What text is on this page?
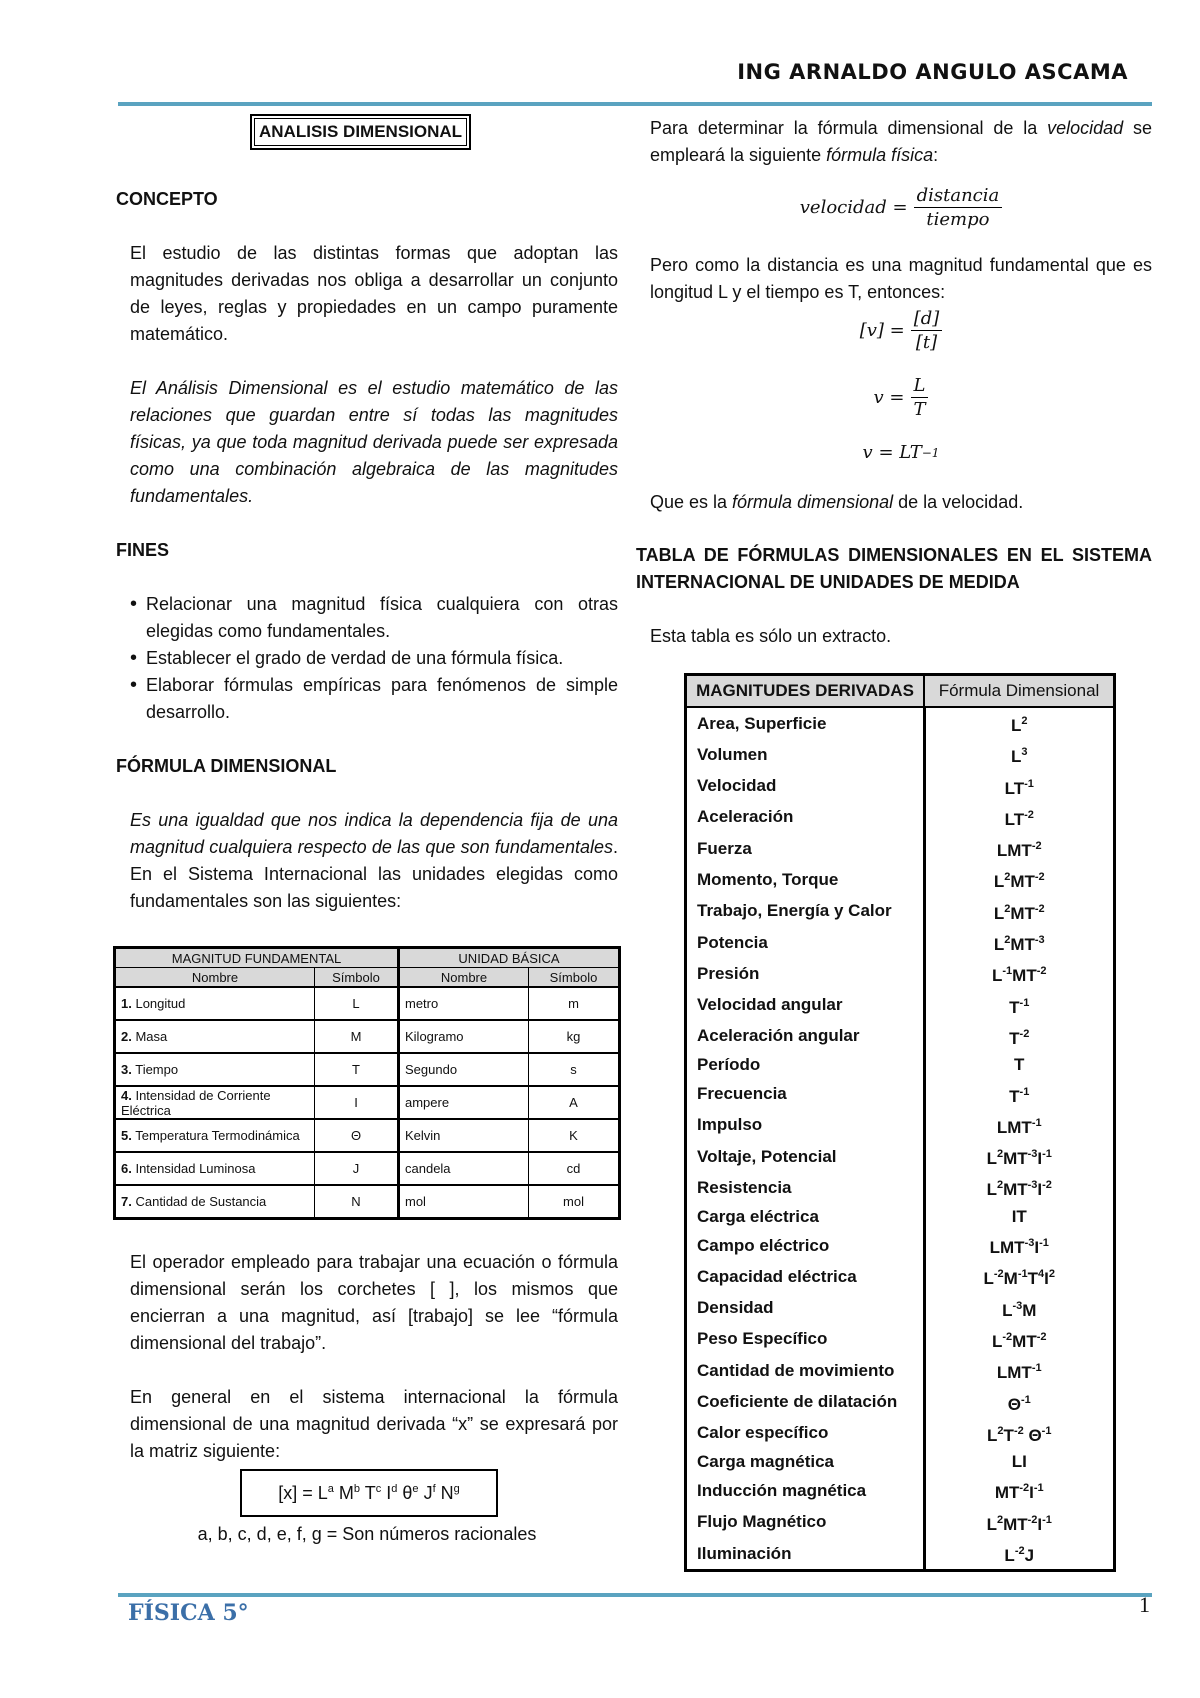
ING ARNALDO ANGULO ASCAMA
ANALISIS DIMENSIONAL
CONCEPTO

El estudio de las distintas formas que adoptan las magnitudes derivadas nos obliga a desarrollar un conjunto de leyes, reglas y propiedades en un campo puramente matemático.

El Análisis Dimensional es el estudio matemático de las relaciones que guardan entre sí todas las magnitudes físicas, ya que toda magnitud derivada puede ser expresada como una combinación algebraica de las magnitudes fundamentales.

FINES
• Relacionar una magnitud física cualquiera con otras elegidas como fundamentales.
• Establecer el grado de verdad de una fórmula física.
• Elaborar fórmulas empíricas para fenómenos de simple desarrollo.
FÓRMULA DIMENSIONAL

Es una igualdad que nos indica la dependencia fija de una magnitud cualquiera respecto de las que son fundamentales. En el Sistema Internacional las unidades elegidas como fundamentales son las siguientes:

MAGNITUD FUNDAMENTAL		UNIDAD BÁSICA	
Nombre	Símbolo	Nombre	Símbolo
1. Longitud	L	metro	m
2. Masa	M	Kilogramo	kg
3. Tiempo	T	Segundo	s
4. Intensidad de Corriente Eléctrica	I	ampere	A
5. Temperatura Termodinámica	Θ	Kelvin	K
6. Intensidad Luminosa	J	candela	cd
7. Cantidad de Sustancia	N	mol	mol

El operador empleado para trabajar una ecuación o fórmula dimensional serán los corchetes [ ], los mismos que encierran a una magnitud, así [trabajo] se lee “fórmula dimensional del trabajo”.

En general en el sistema internacional la fórmula dimensional de una magnitud derivada “x” se expresará por la matriz siguiente:

[x] =
$L^a$ $M^b$ $T^c$ $I^d$ $\theta^e$ $J^f$ $N^g$
a, b, c, d, e, f, g = Son números racionales

Para determinar la fórmula dimensional de la velocidad se empleará la siguiente fórmula física:

velocidad = $\frac{\text{distancia}}{\text{tiempo}}$

Pero como la distancia es una magnitud fundamental que es longitud L y el tiempo es T, entonces:

$[v] = \frac{[d]}{[t]}$
$v = \frac{L}{T}$
v = LT −1

Que es la fórmula dimensional de la velocidad.

TABLA DE FÓRMULAS DIMENSIONALES EN EL SISTEMA INTERNACIONAL DE UNIDADES DE MEDIDA

Esta tabla es sólo un extracto.

MAGNITUDES DERIVADAS	Fórmula Dimensional
Area, Superficie	$L^2$
Volumen	$L^3$
Velocidad	$LT^{-1}$
Aceleración	$LT^{-2}$
Fuerza	$LMT^{-2}$
Momento, Torque	$L^2MT^{-2}$
Trabajo, Energía y Calor	$L^2MT^{-2}$
Potencia	$L^2MT^{-3}$
Presión	$L^{-1}MT^{-2}$
Velocidad angular	$T^{-1}$
Aceleración angular	$T^{-2}$
Período	T
Frecuencia	$T^{-1}$
Impulso	$LMT^{-1}$
Voltaje, Potencial	$L^2MT^{-3}I^{-1}$
Resistencia	$L^2MT^{-3}I^{-2}$
Carga eléctrica	IT
Campo eléctrico	$LMT^{-3}I^{-1}$
Capacidad eléctrica	$L^{-2}M^{-1}T^4I^2$
Densidad	$L^{-3}M$
Peso Específico	$L^{-2}MT^{-2}$
Cantidad de movimiento	$LMT^{-1}$
Coeficiente de dilatación	$\Theta^{-1}$
Calor específico	$L^2T^{-2}$ $\Theta^{-1}$
Carga magnética	LI
Inducción magnética	$MT^{-2}I^{-1}$
Flujo Magnético	$L^2MT^{-2}I^{-1}$
Iluminación	$L^{-2}J$
FÍSICA 5°	1
